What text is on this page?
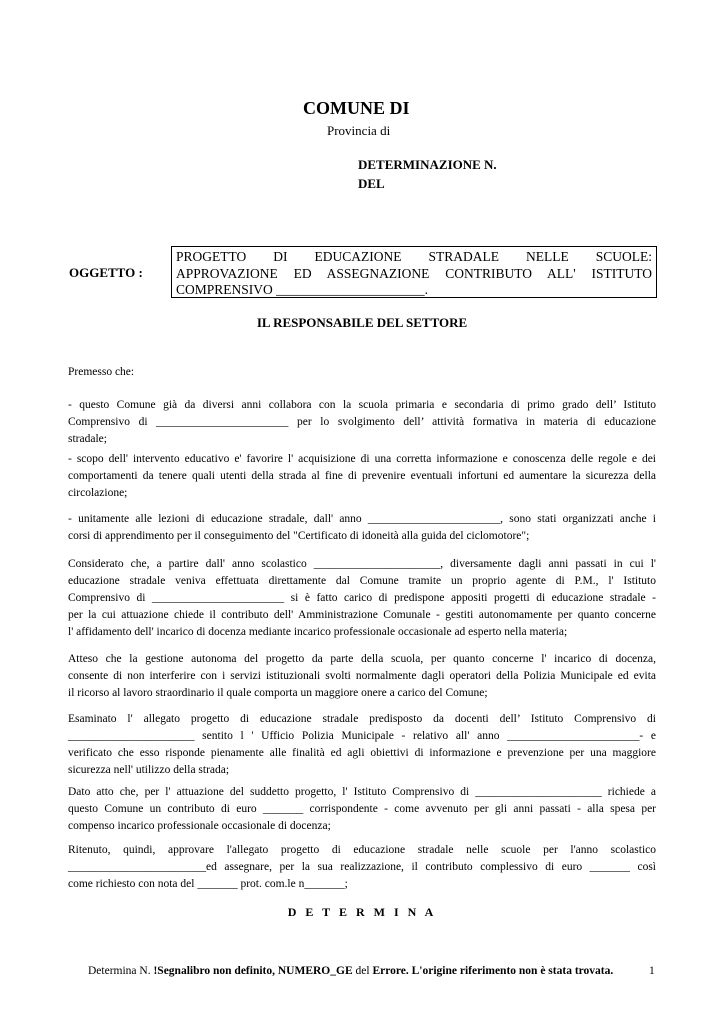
COMUNE DI
Provincia di
DETERMINAZIONE N.
DEL
OGGETTO :
PROGETTO DI EDUCAZIONE STRADALE NELLE SCUOLE:
APPROVAZIONE ED ASSEGNAZIONE CONTRIBUTO ALL' ISTITUTO
COMPRENSIVO ______________________.
IL RESPONSABILE DEL SETTORE
Premesso che:
- questo Comune già da diversi anni collabora con la scuola primaria e secondaria di primo grado dell’ Istituto
Comprensivo di _______________________ per lo svolgimento dell’ attività formativa in materia di educazione
stradale;
- scopo dell' intervento educativo e' favorire l' acquisizione di una corretta informazione e conoscenza delle regole e dei
comportamenti da tenere quali utenti della strada al fine di prevenire eventuali infortuni ed aumentare la sicurezza della
circolazione;
- unitamente alle lezioni di educazione stradale, dall' anno _______________________, sono stati organizzati anche i
corsi di apprendimento per il conseguimento del "Certificato di idoneità alla guida del ciclomotore";
Considerato che, a partire dall' anno scolastico ______________________, diversamente dagli anni passati in cui l'
educazione stradale veniva effettuata direttamente dal Comune tramite un proprio agente di P.M., l' Istituto
Comprensivo di _______________________ si è fatto carico di predispone appositi progetti di educazione stradale -
per la cui attuazione chiede il contributo dell' Amministrazione Comunale - gestiti autonomamente per quanto concerne
l' affidamento dell' incarico di docenza mediante incarico professionale occasionale ad esperto nella materia;
Atteso che la gestione autonoma del progetto da parte della scuola, per quanto concerne l' incarico di docenza,
consente di non interferire con i servizi istituzionali svolti normalmente dagli operatori della Polizia Municipale ed evita
il ricorso al lavoro straordinario il quale comporta un maggiore onere a carico del Comune;
Esaminato l' allegato progetto di educazione stradale predisposto da docenti dell’ Istituto Comprensivo di
______________________ sentito l ' Ufficio Polizia Municipale - relativo all' anno _______________________- e
verificato che esso risponde pienamente alle finalità ed agli obiettivi di informazione e prevenzione per una maggiore
sicurezza nell' utilizzo della strada;
Dato atto che, per l' attuazione del suddetto progetto, l' Istituto Comprensivo di ______________________ richiede a
questo Comune un contributo di euro _______ corrispondente - come avvenuto per gli anni passati - alla spesa per
compenso incarico professionale occasionale di docenza;
Ritenuto, quindi, approvare l'allegato progetto di educazione stradale nelle scuole per l'anno scolastico
________________________ed assegnare, per la sua realizzazione, il contributo complessivo di euro _______ così
come richiesto con nota del _______ prot. com.le n_______;
D E T E R M I N A
Determina N. !Segnalibro non definito, NUMERO_GE del Errore. L'origine riferimento non è stata trovata.	1
